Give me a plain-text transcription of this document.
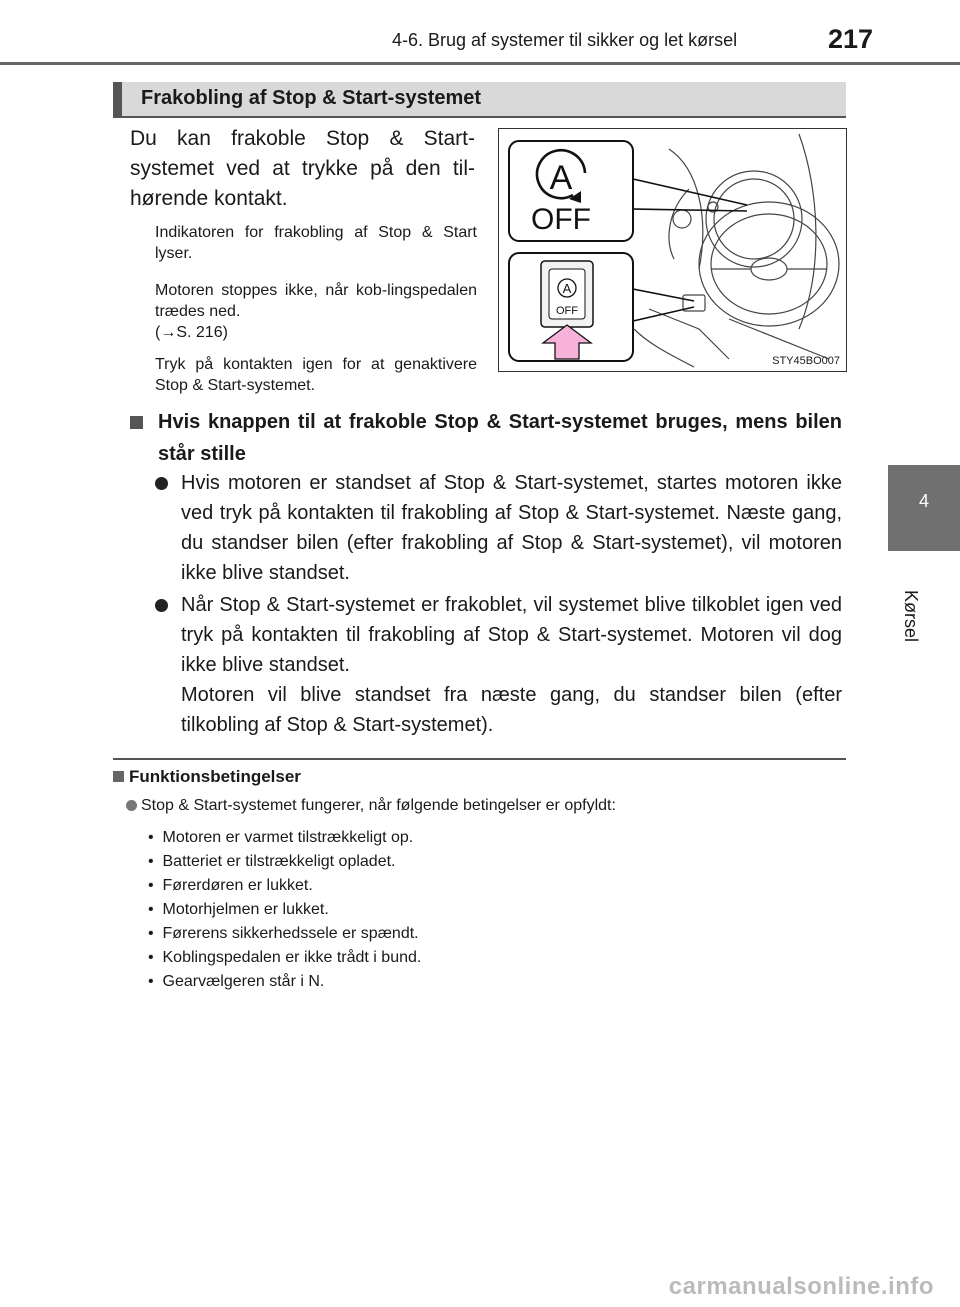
4-6. Brug af systemer til sikker og let kørsel	217
4
Kørsel
Frakobling af Stop & Start-systemet
Du kan frakoble Stop & Start-systemet ved at trykke på den til-hørende kontakt.
Indikatoren for frakobling af Stop & Start lyser.
Motoren stoppes ikke, når kob-lingspedalen trædes ned.
(→S. 216)
Tryk på kontakten igen for at genaktivere Stop & Start-systemet.
A
OFF
A
OFF
STY45BO007
Hvis knappen til at frakoble Stop & Start-systemet bruges, mens bilen står stille
Hvis motoren er standset af Stop & Start-systemet, startes motoren ikke ved tryk på kontakten til frakobling af Stop & Start-systemet. Næste gang, du standser bilen (efter frakobling af Stop & Start-systemet), vil motoren ikke blive standset.
Når Stop & Start-systemet er frakoblet, vil systemet blive tilkoblet igen ved tryk på kontakten til frakobling af Stop & Start-systemet. Motoren vil dog ikke blive standset.
Motoren vil blive standset fra næste gang, du standser bilen (efter tilkobling af Stop & Start-systemet).
Funktionsbetingelser
Stop & Start-systemet fungerer, når følgende betingelser er opfyldt:
•  Motoren er varmet tilstrækkeligt op.
•  Batteriet er tilstrækkeligt opladet.
•  Førerdøren er lukket.
•  Motorhjelmen er lukket.
•  Førerens sikkerhedssele er spændt.
•  Koblingspedalen er ikke trådt i bund.
•  Gearvælgeren står i N.
carmanualsonline.info
